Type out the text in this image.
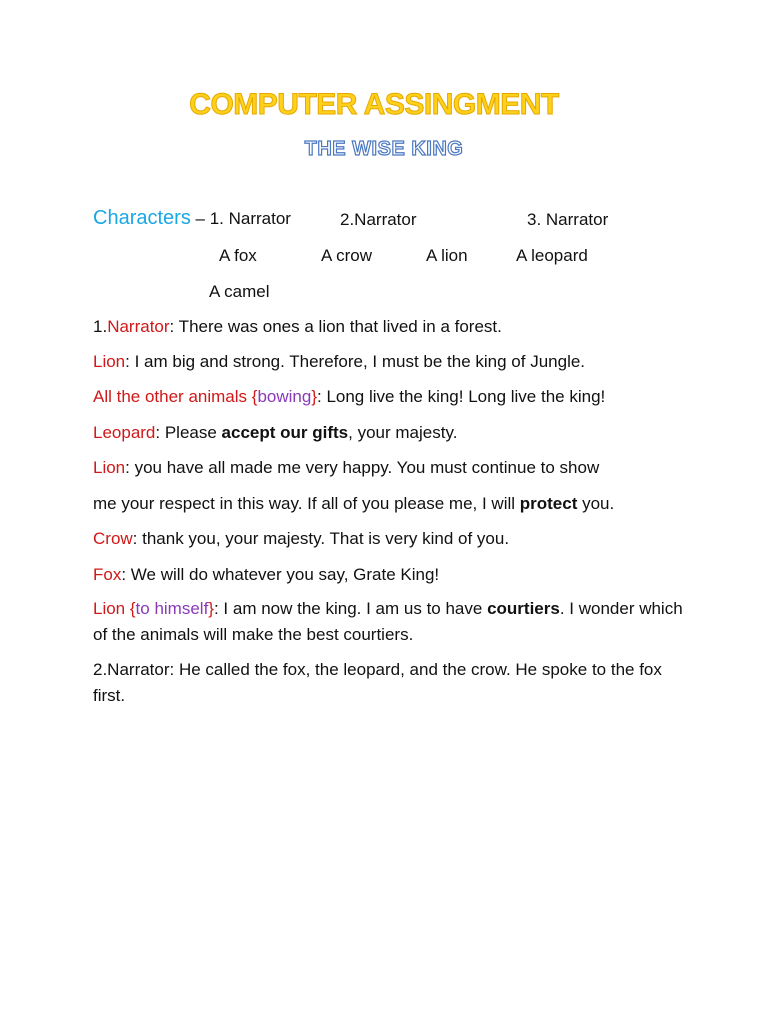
COMPUTER ASSINGMENT
THE WISE KING
Characters – 1. Narrator	2.Narrator	3. Narrator
A fox	A crow	A lion	A leopard
A camel
1.Narrator: There was ones a lion that lived in a forest.
Lion: I am big and strong. Therefore, I must be the king of Jungle.
All the other animals {bowing}: Long live the king! Long live the king!
Leopard: Please accept our gifts, your majesty.
Lion: you have all made me very happy. You must continue to show
me your respect in this way. If all of you please me, I will protect you.
Crow: thank you, your majesty. That is very kind of you.
Fox: We will do whatever you say, Grate King!
Lion {to himself}: I am now the king. I am us to have courtiers. I wonder which of the animals will make the best courtiers.
2.Narrator: He called the fox, the leopard, and the crow. He spoke to the fox first.
